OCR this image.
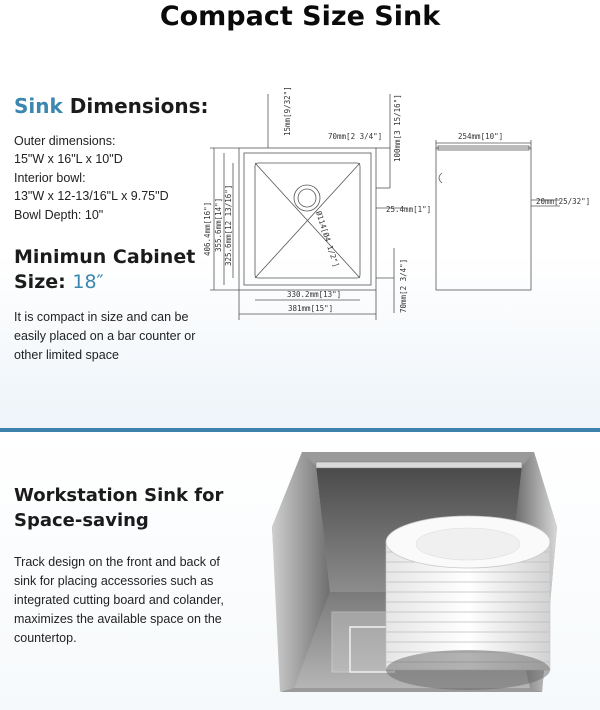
Compact Size Sink
Sink Dimensions:
Outer dimensions:
15"W x 16"L x 10"D
Interior bowl:
13"W x 12-13/16"L x 9.75"D
Bowl Depth: 10"
Minimun Cabinet
Size: 18″
It is compact in size and can be easily placed on a bar counter or other limited space
15mm[9/32"]	100mm[3 15/16"]
70mm[2 3/4"]
406.4mm[16"] 355.6mm[14"] 325.6mm[12 13/16"]	25.4mm[1"]
Ø114[Ø4 1/2"]
70mm[2 3/4"]
330.2mm[13"]
381mm[15"]
254mm[10"]
20mm[25/32"]
Workstation Sink for Space-saving
Track design on the front and back of sink for placing accessories such as integrated cutting board and colander, maximizes the available space on the countertop.
